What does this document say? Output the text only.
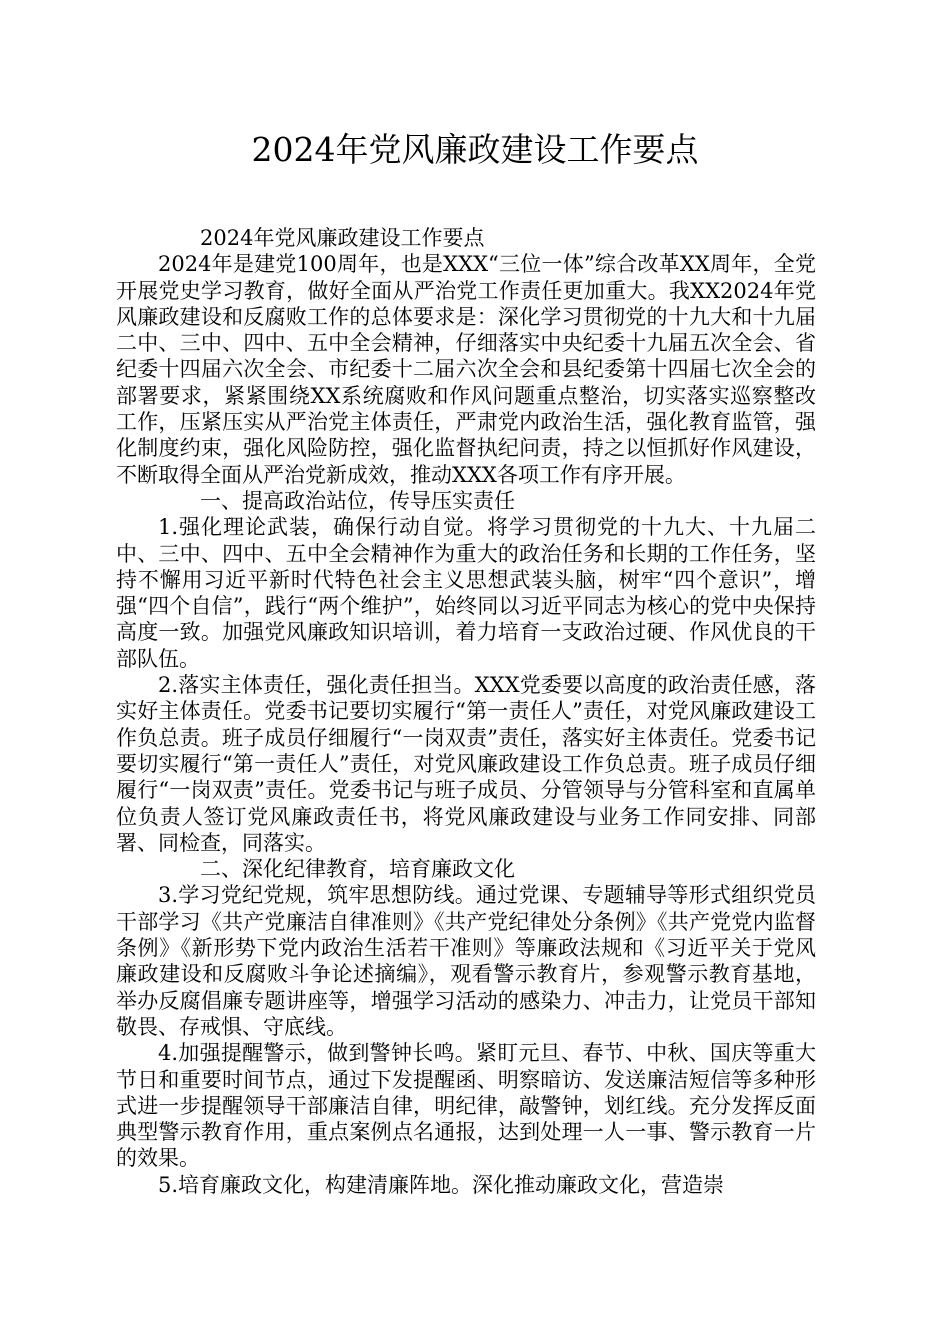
2024年党风廉政建设工作要点

2024年党风廉政建设工作要点

2024年是建党100周年，也是XXX“三位一体”综合改革XX周年，全党开展党史学习教育，做好全面从严治党工作责任更加重大。我XX2024年党风廉政建设和反腐败工作的总体要求是：深化学习贯彻党的十九大和十九届二中、三中、四中、五中全会精神，仔细落实中央纪委十九届五次全会、省纪委十四届六次全会、市纪委十二届六次全会和县纪委第十四届七次全会的部署要求，紧紧围绕XX系统腐败和作风问题重点整治，切实落实巡察整改工作，压紧压实从严治党主体责任，严肃党内政治生活，强化教育监管，强化制度约束，强化风险防控，强化监督执纪问责，持之以恒抓好作风建设，不断取得全面从严治党新成效，推动XXX各项工作有序开展。

一、提高政治站位，传导压实责任

1.强化理论武装，确保行动自觉。将学习贯彻党的十九大、十九届二中、三中、四中、五中全会精神作为重大的政治任务和长期的工作任务，坚持不懈用习近平新时代特色社会主义思想武装头脑，树牢“四个意识”，增强“四个自信”，践行“两个维护”，始终同以习近平同志为核心的党中央保持高度一致。加强党风廉政知识培训，着力培育一支政治过硬、作风优良的干部队伍。

2.落实主体责任，强化责任担当。XXX党委要以高度的政治责任感，落实好主体责任。党委书记要切实履行“第一责任人”责任，对党风廉政建设工作负总责。班子成员仔细履行“一岗双责”责任，落实好主体责任。党委书记要切实履行“第一责任人”责任，对党风廉政建设工作负总责。班子成员仔细履行“一岗双责”责任。党委书记与班子成员、分管领导与分管科室和直属单位负责人签订党风廉政责任书，将党风廉政建设与业务工作同安排、同部署、同检查，同落实。

二、深化纪律教育，培育廉政文化

3.学习党纪党规，筑牢思想防线。通过党课、专题辅导等形式组织党员干部学习《共产党廉洁自律准则》《共产党纪律处分条例》《共产党党内监督条例》《新形势下党内政治生活若干准则》等廉政法规和《习近平关于党风廉政建设和反腐败斗争论述摘编》，观看警示教育片，参观警示教育基地，举办反腐倡廉专题讲座等，增强学习活动的感染力、冲击力，让党员干部知敬畏、存戒惧、守底线。

4.加强提醒警示，做到警钟长鸣。紧盯元旦、春节、中秋、国庆等重大节日和重要时间节点，通过下发提醒函、明察暗访、发送廉洁短信等多种形式进一步提醒领导干部廉洁自律，明纪律，敲警钟，划红线。充分发挥反面典型警示教育作用，重点案例点名通报，达到处理一人一事、警示教育一片的效果。

5.培育廉政文化，构建清廉阵地。深化推动廉政文化，营造崇
